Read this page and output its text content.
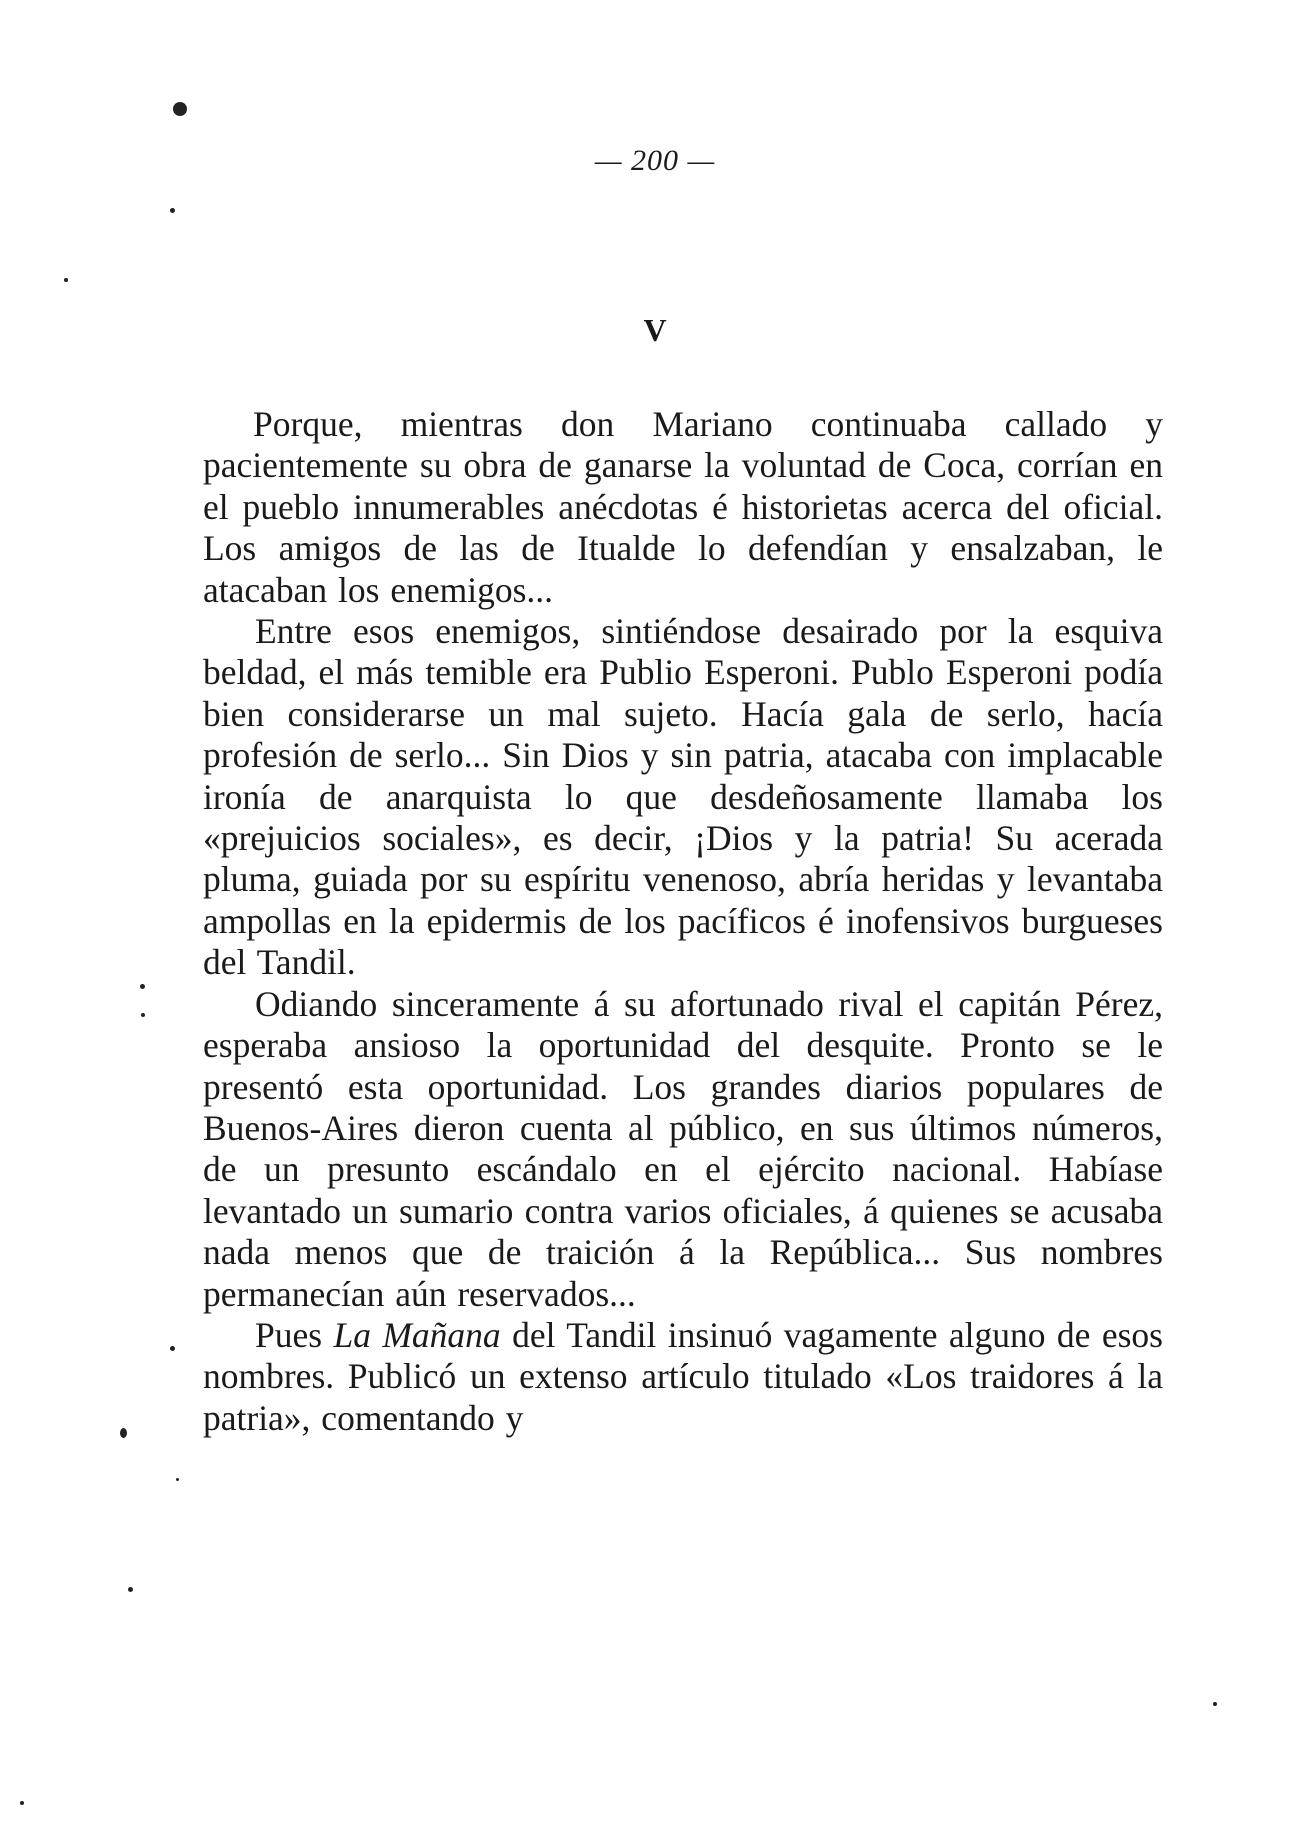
— 200 —
V

Porque, mientras don Mariano continuaba callado y pacientemente su obra de ganarse la voluntad de Coca, corrían en el pueblo innumerables anécdotas é historietas acerca del oficial. Los amigos de las de Itualde lo defendían y ensalzaban, le atacaban los enemigos...

Entre esos enemigos, sintiéndose desairado por la esquiva beldad, el más temible era Publio Esperoni. Publo Esperoni podía bien considerarse un mal sujeto. Hacía gala de serlo, hacía profesión de serlo... Sin Dios y sin patria, atacaba con implacable ironía de anarquista lo que desdeñosamente llamaba los «prejuicios sociales», es decir, ¡Dios y la patria! Su acerada pluma, guiada por su espíritu venenoso, abría heridas y levantaba ampollas en la epidermis de los pacíficos é inofensivos burgueses del Tandil.

Odiando sinceramente á su afortunado rival el capitán Pérez, esperaba ansioso la oportunidad del desquite. Pronto se le presentó esta oportunidad. Los grandes diarios populares de Buenos-Aires dieron cuenta al público, en sus últimos números, de un presunto escándalo en el ejército nacional. Habíase levantado un sumario contra varios oficiales, á quienes se acusaba nada menos que de traición á la República... Sus nombres permanecían aún reservados...

Pues La Mañana del Tandil insinuó vagamente alguno de esos nombres. Publicó un extenso artículo titulado «Los traidores á la patria», comentando y
